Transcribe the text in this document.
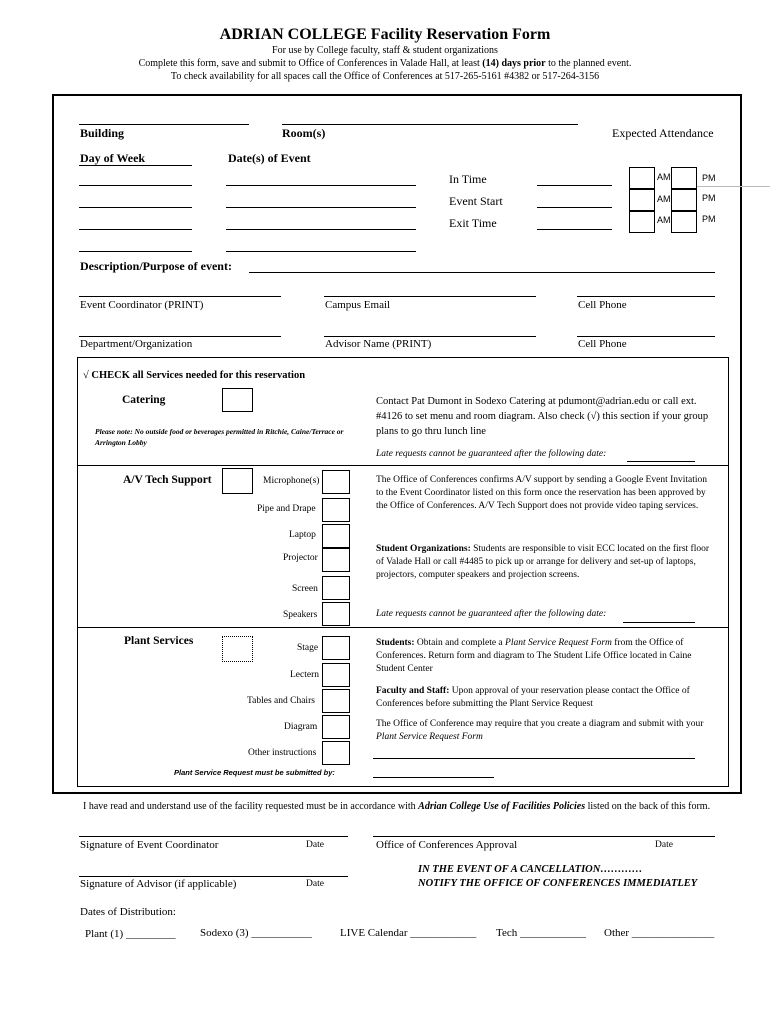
ADRIAN COLLEGE Facility Reservation Form
For use by College faculty, staff & student organizations
Complete this form, save and submit to Office of Conferences in Valade Hall, at least (14) days prior to the planned event.
To check availability for all spaces call the Office of Conferences at 517-265-5161 #4382 or 517-264-3156
Building	Room(s)	Expected Attendance
Day of Week	Date(s) of Event
In Time
Event Start
Exit Time
AM	PM
AM	PM
AM	PM
Description/Purpose of event:
Event Coordinator (PRINT)	Campus Email	Cell Phone
Department/Organization	Advisor Name (PRINT)	Cell Phone
√ CHECK all Services needed for this reservation
Catering
Please note: No outside food or beverages permitted in Ritchie, Caine/Terrace or Arrington Lobby
Contact Pat Dumont in Sodexo Catering at pdumont@adrian.edu or call ext. #4126 to set menu and room diagram. Also check (√) this section if your group plans to go thru lunch line
Late requests cannot be guaranteed after the following date:
A/V Tech Support	Microphone(s)
Pipe and Drape
Laptop
Projector
Screen
Speakers
The Office of Conferences confirms A/V support by sending a Google Event Invitation to the Event Coordinator listed on this form once the reservation has been approved by the Office of Conferences. A/V Tech Support does not provide video taping services.
Student Organizations: Students are responsible to visit ECC located on the first floor of Valade Hall or call #4485 to pick up or arrange for delivery and set-up of laptops, projectors, computer speakers and projection screens.
Late requests cannot be guaranteed after the following date:
Plant Services
Stage
Lectern
Tables and Chairs
Diagram
Other instructions
Plant Service Request must be submitted by:
Students: Obtain and complete a Plant Service Request Form from the Office of Conferences. Return form and diagram to The Student Life Office located in Caine Student Center
Faculty and Staff: Upon approval of your reservation please contact the Office of Conferences before submitting the Plant Service Request
The Office of Conference may require that you create a diagram and submit with your Plant Service Request Form
I have read and understand use of the facility requested must be in accordance with Adrian College Use of Facilities Policies listed on the back of this form.
Signature of Event Coordinator	Date	Office of Conferences Approval	Date
IN THE EVENT OF A CANCELLATION…………
NOTIFY THE OFFICE OF CONFERENCES IMMEDIATLEY
Signature of Advisor (if applicable)	Date
Dates of Distribution:
Plant (1) _________ Sodexo (3) ___________	LIVE Calendar ____________ Tech ____________ Other _______________
